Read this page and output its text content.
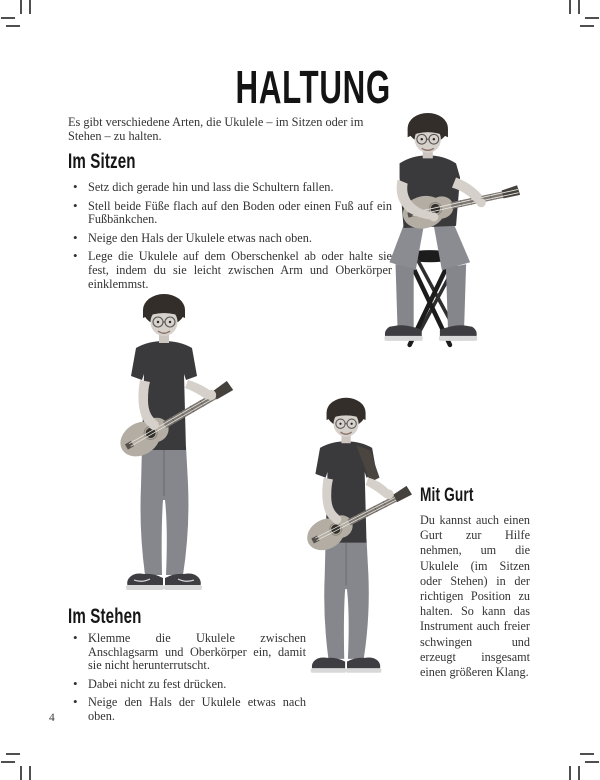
HALTUNG

Es gibt verschiedene Arten, die Ukulele – im Sitzen oder im Stehen – zu halten.

Im Sitzen
• Setz dich gerade hin und lass die Schultern fallen.
• Stell beide Füße flach auf den Boden oder einen Fuß auf ein Fußbänkchen.
• Neige den Hals der Ukulele etwas nach oben.
• Lege die Ukulele auf dem Oberschenkel ab oder halte sie fest, indem du sie leicht zwischen Arm und Oberkörper einklemmst.
Mit Gurt

Du kannst auch einen Gurt zur Hilfe nehmen, um die Ukulele (im Sitzen oder Stehen) in der richtigen Position zu halten. So kann das Instrument auch freier schwingen und erzeugt insgesamt einen größeren Klang.

Im Stehen
• Klemme die Ukulele zwischen Anschlagsarm und Oberkörper ein, damit sie nicht herunterrutscht.
• Dabei nicht zu fest drücken.
• Neige den Hals der Ukulele etwas nach oben.
4
